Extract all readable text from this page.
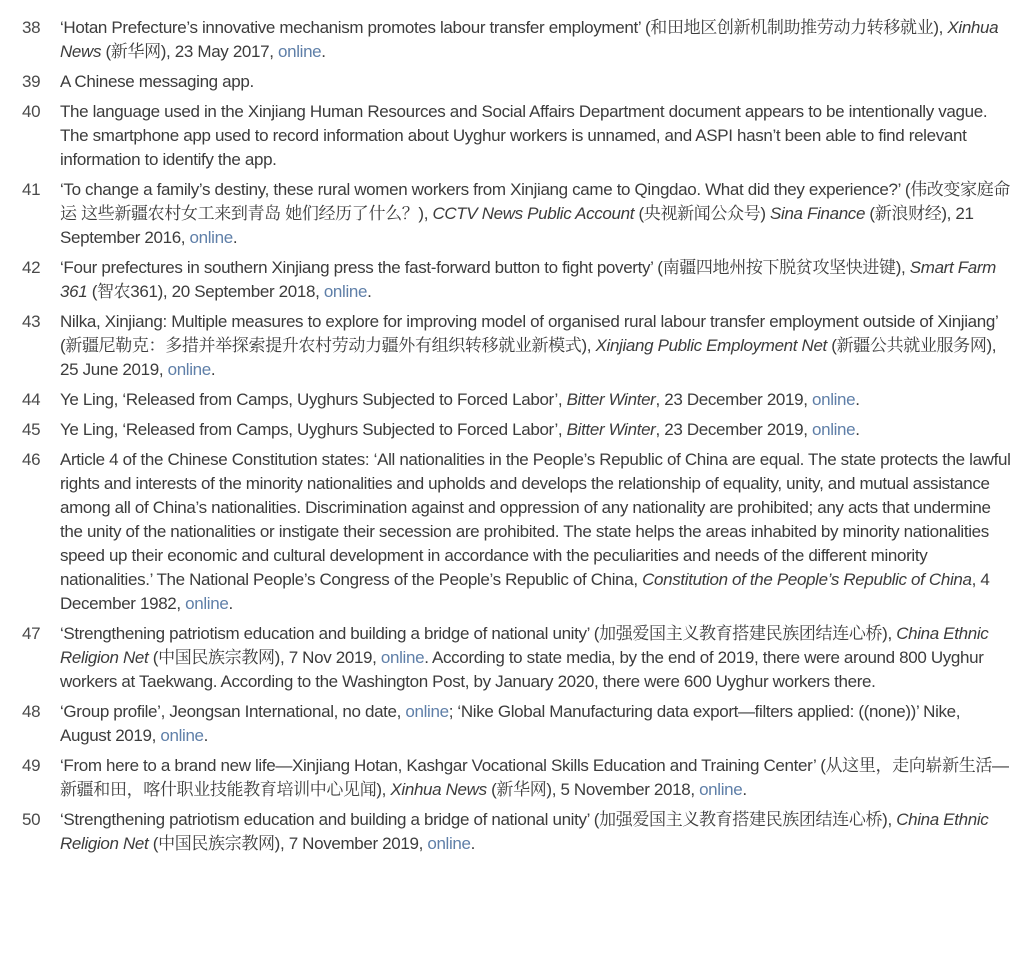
38	‘Hotan Prefecture’s innovative mechanism promotes labour transfer employment’ (和田地区创新机制助推劳动力转移就业), Xinhua News (新华网), 23 May 2017, online.
39	A Chinese messaging app.
40	The language used in the Xinjiang Human Resources and Social Affairs Department document appears to be intentionally vague. The smartphone app used to record information about Uyghur workers is unnamed, and ASPI hasn’t been able to find relevant information to identify the app.
41	‘To change a family’s destiny, these rural women workers from Xinjiang came to Qingdao. What did they experience?’ (伟改变家庭命运 这些新疆农村女工来到青岛 她们经历了什么？), CCTV News Public Account (央视新闻公众号) Sina Finance (新浪财经), 21 September 2016, online.
42	‘Four prefectures in southern Xinjiang press the fast-forward button to fight poverty’ (南疆四地州按下脱贫攻坚快进键), Smart Farm 361 (智农361), 20 September 2018, online.
43	Nilka, Xinjiang: Multiple measures to explore for improving model of organised rural labour transfer employment outside of Xinjiang’ (新疆尼勒克：多措并举探索提升农村劳动力疆外有组织转移就业新模式), Xinjiang Public Employment Net (新疆公共就业服务网), 25 June 2019, online.
44	Ye Ling, ‘Released from Camps, Uyghurs Subjected to Forced Labor’, Bitter Winter, 23 December 2019, online.
45	Ye Ling, ‘Released from Camps, Uyghurs Subjected to Forced Labor’, Bitter Winter, 23 December 2019, online.
46	Article 4 of the Chinese Constitution states: ‘All nationalities in the People’s Republic of China are equal. The state protects the lawful rights and interests of the minority nationalities and upholds and develops the relationship of equality, unity, and mutual assistance among all of China’s nationalities. Discrimination against and oppression of any nationality are prohibited; any acts that undermine the unity of the nationalities or instigate their secession are prohibited. The state helps the areas inhabited by minority nationalities speed up their economic and cultural development in accordance with the peculiarities and needs of the different minority nationalities.’ The National People’s Congress of the People’s Republic of China, Constitution of the People’s Republic of China, 4 December 1982, online.
47	‘Strengthening patriotism education and building a bridge of national unity’ (加强爱国主义教育搭建民族团结连心桥), China Ethnic Religion Net (中国民族宗教网), 7 Nov 2019, online. According to state media, by the end of 2019, there were around 800 Uyghur workers at Taekwang. According to the Washington Post, by January 2020, there were 600 Uyghur workers there.
48	‘Group profile’, Jeongsan International, no date, online; ‘Nike Global Manufacturing data export—filters applied: ((none))’ Nike, August 2019, online.
49	‘From here to a brand new life—Xinjiang Hotan, Kashgar Vocational Skills Education and Training Center’ (从这里，走向崭新生活—新疆和田，喀什职业技能教育培训中心见闻), Xinhua News (新华网), 5 November 2018, online.
50	‘Strengthening patriotism education and building a bridge of national unity’ (加强爱国主义教育搭建民族团结连心桥), China Ethnic Religion Net (中国民族宗教网), 7 November 2019, online.
